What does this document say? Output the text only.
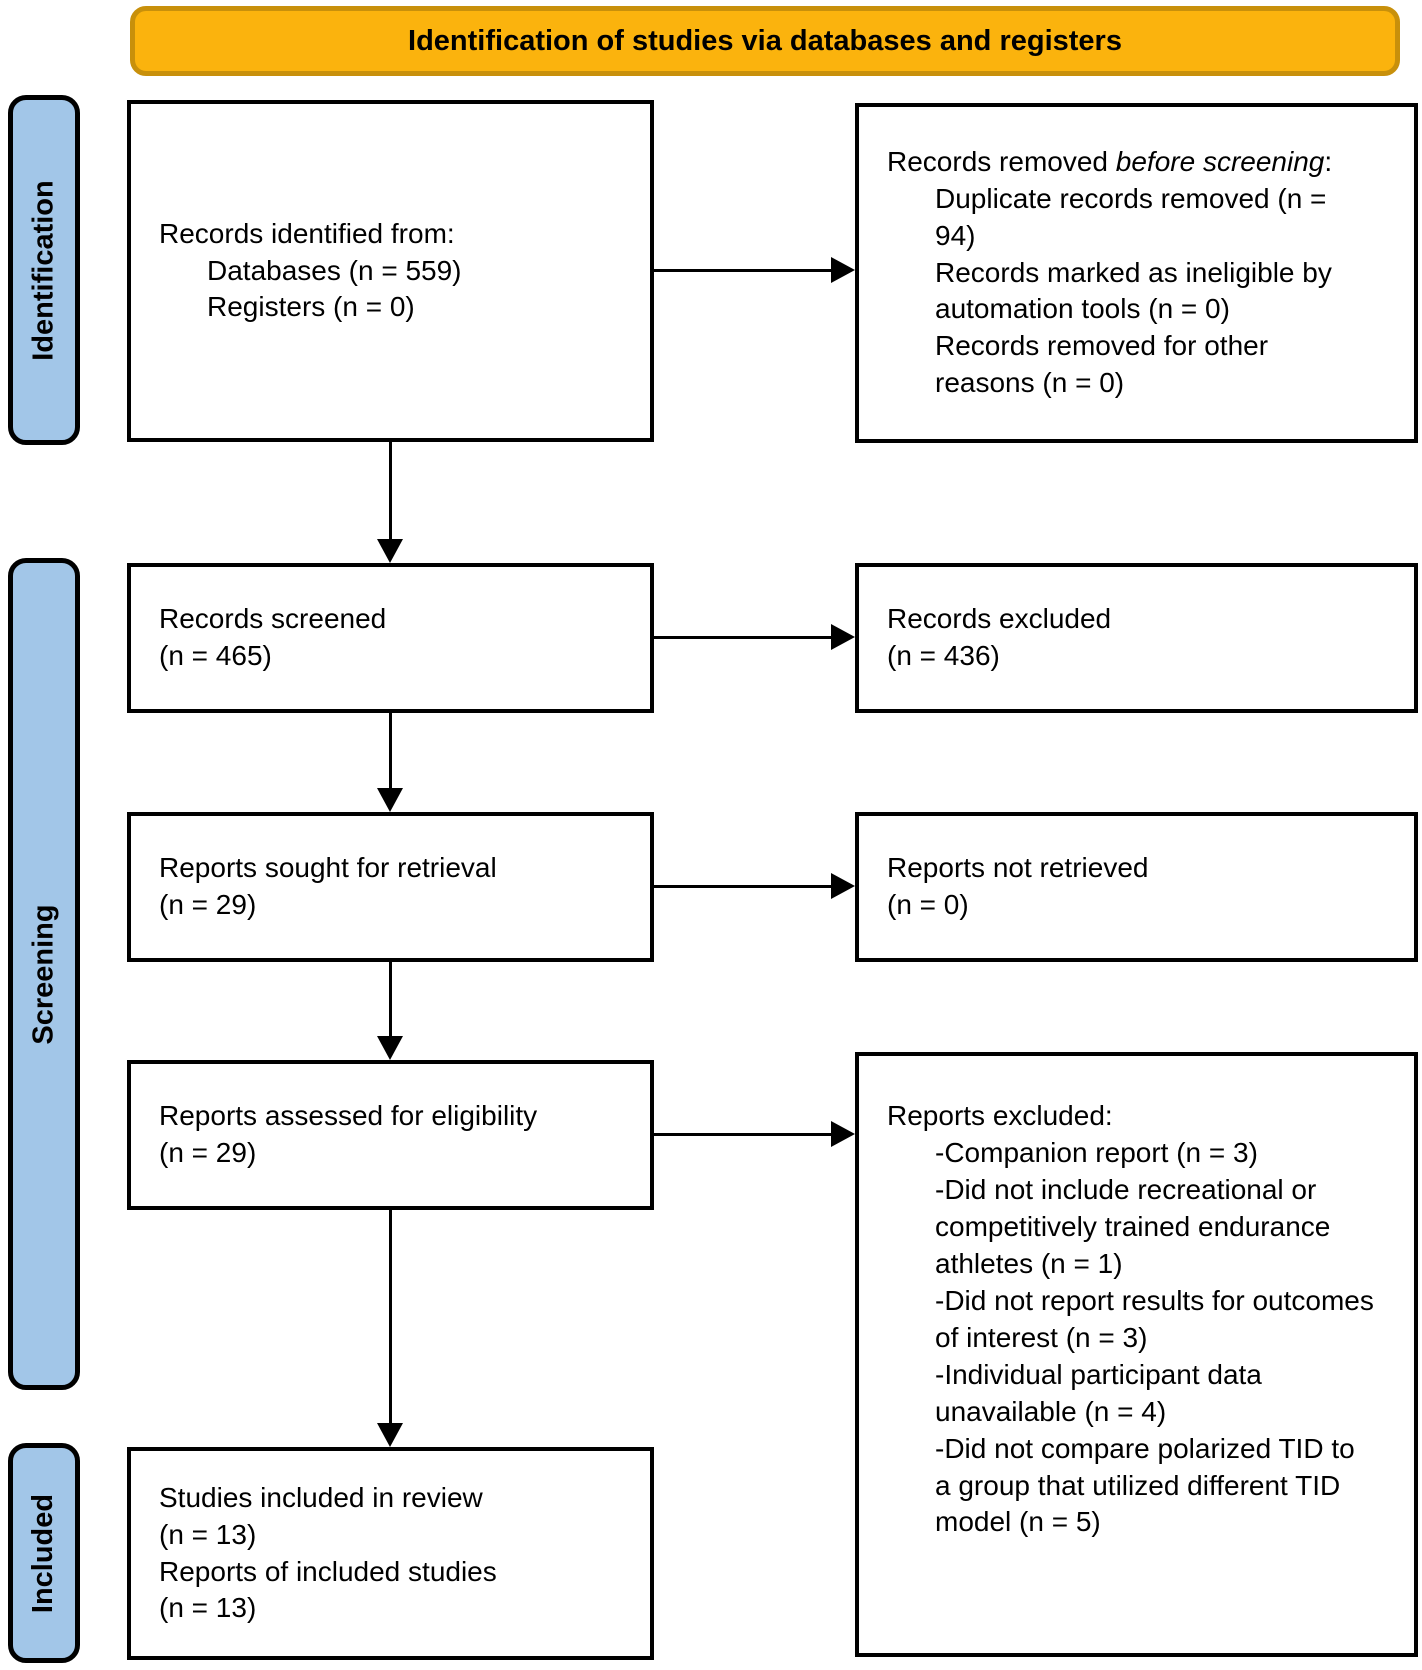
Identification of studies via databases and registers
Identification
Screening
Included
Records identified from:
Databases (n = 559)
Registers (n = 0)
Records screened
(n = 465)
Reports sought for retrieval
(n = 29)
Reports assessed for eligibility
(n = 29)
Studies included in review
(n = 13)
Reports of included studies
(n = 13)
Records removed before screening:
Duplicate records removed (n = 94)
Records marked as ineligible by automation tools (n = 0)
Records removed for other reasons (n = 0)
Records excluded
(n = 436)
Reports not retrieved
(n = 0)
Reports excluded:
-Companion report (n = 3)
-Did not include recreational or competitively trained endurance athletes (n = 1)
-Did not report results for outcomes of interest (n = 3)
-Individual participant data unavailable (n = 4)
-Did not compare polarized TID to a group that utilized different TID model (n = 5)
